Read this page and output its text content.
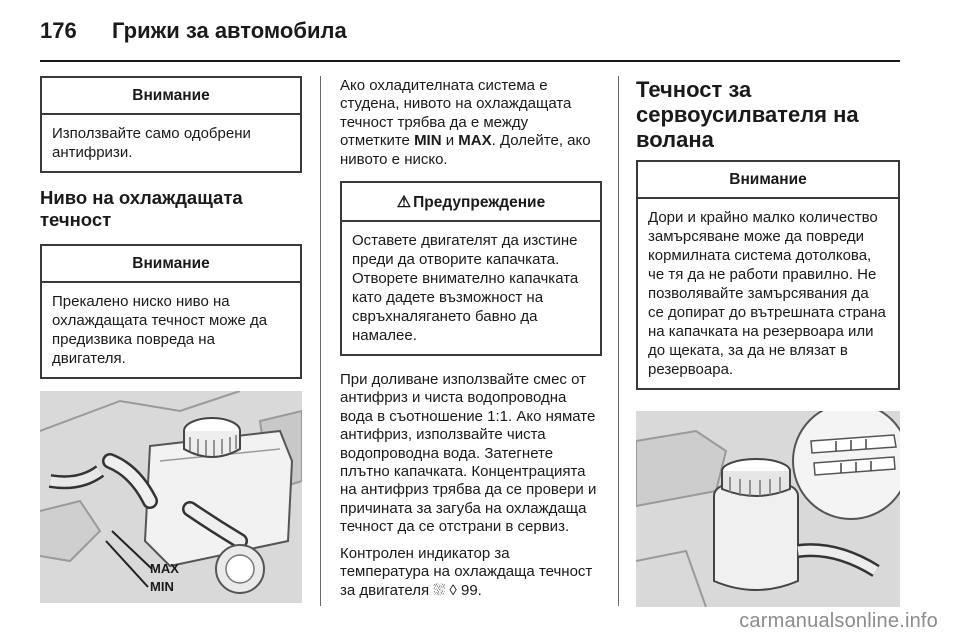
176 Грижи за автомобила
Внимание
Използвайте само одобрени антифризи.
Ниво на охлаждащата течност
Внимание
Прекалено ниско ниво на охлаждащата течност може да предизвика повреда на двигателя.
MAX
MIN

Ако охладителната система е студена, нивото на охлаждащата течност трябва да е между отметките MIN и MAX. Долейте, ако нивото е ниско.

⚠ Предупреждение
Оставете двигателят да изстине преди да отворите капачката. Отворете внимателно капачката като дадете възможност на свръхналягането бавно да намалее.

При доливане използвайте смес от антифриз и чиста водопроводна вода в съотношение 1:1. Ако нямате антифриз, използвайте чиста водопроводна вода. Затегнете плътно капачката. Концентрацията на антифриз трябва да се провери и причината за загуба на охлаждаща течност да се отстрани в сервиз.

Контролен индикатор за температура на охлаждаща течност за двигателя ⛆ ◊ 99.

Течност за сервоусилвателя на волана
Внимание
Дори и крайно малко количество замърсяване може да повреди кормилната система дотолкова, че тя да не работи правилно. Не позволявайте замърсявания да се допират до вътрешната страна на капачката на резервоара или до щеката, за да не влязат в резервоара.
carmanualsonline.info
